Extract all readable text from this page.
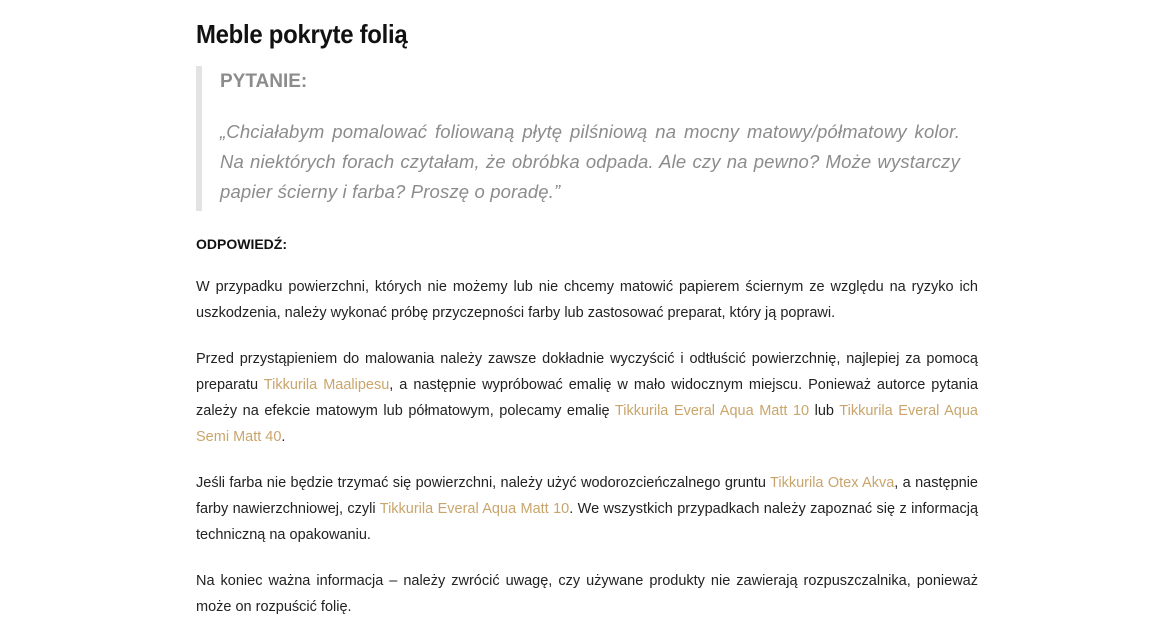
Meble pokryte folią
PYTANIE:

„Chciałabym pomalować foliowaną płytę pilśniową na mocny matowy/półmatowy kolor. Na niektórych forach czytałam, że obróbka odpada. Ale czy na pewno? Może wystarczy papier ścierny i farba? Proszę o poradę.”

ODPOWIEDŹ:

W przypadku powierzchni, których nie możemy lub nie chcemy matowić papierem ściernym ze względu na ryzyko ich uszkodzenia, należy wykonać próbę przyczepności farby lub zastosować preparat, który ją poprawi.

Przed przystąpieniem do malowania należy zawsze dokładnie wyczyścić i odtłuścić powierzchnię, najlepiej za pomocą preparatu Tikkurila Maalipesu, a następnie wypróbować emalię w mało widocznym miejscu. Ponieważ autorce pytania zależy na efekcie matowym lub półmatowym, polecamy emalię Tikkurila Everal Aqua Matt 10 lub Tikkurila Everal Aqua Semi Matt 40.

Jeśli farba nie będzie trzymać się powierzchni, należy użyć wodorozcieńczalnego gruntu Tikkurila Otex Akva, a następnie farby nawierzchniowej, czyli Tikkurila Everal Aqua Matt 10. We wszystkich przypadkach należy zapoznać się z informacją techniczną na opakowaniu.

Na koniec ważna informacja – należy zwrócić uwagę, czy używane produkty nie zawierają rozpuszczalnika, ponieważ może on rozpuścić folię.
